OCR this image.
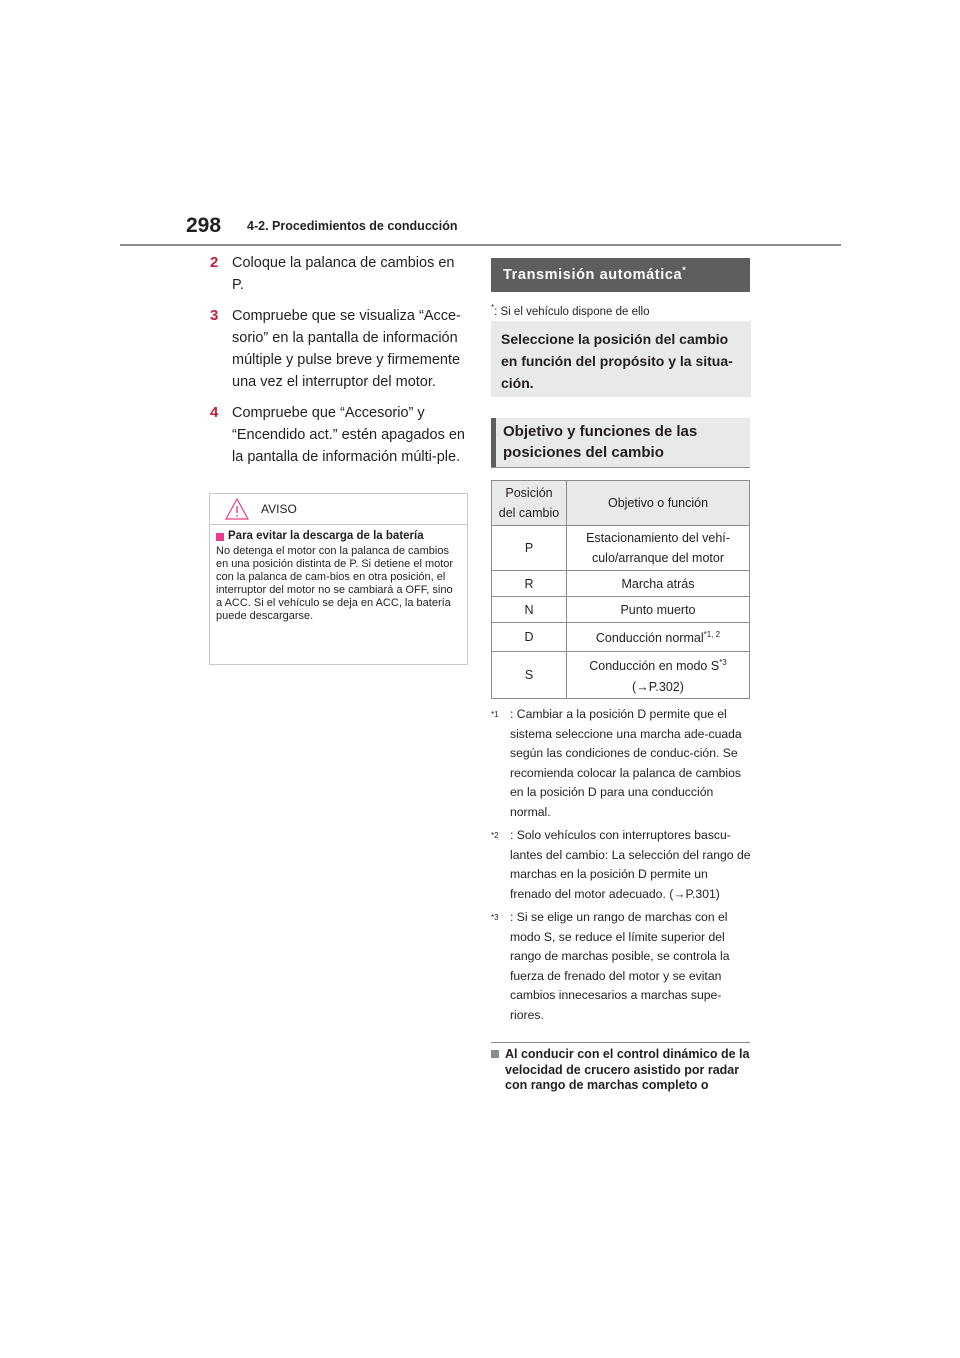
298 4-2. Procedimientos de conducción
2 Coloque la palanca de cambios en P.
3 Compruebe que se visualiza “Acce-sorio” en la pantalla de información múltiple y pulse breve y firmemente una vez el interruptor del motor.
4 Compruebe que “Accesorio” y “Encendido act.” estén apagados en la pantalla de información múlti-ple.
AVISO
Para evitar la descarga de la batería
No detenga el motor con la palanca de cambios en una posición distinta de P. Si detiene el motor con la palanca de cam-bios en otra posición, el interruptor del motor no se cambiará a OFF, sino a ACC. Si el vehículo se deja en ACC, la batería puede descargarse.
Transmisión automática*
*: Si el vehículo dispone de ello
Seleccione la posición del cambio en función del propósito y la situa-ción.
Objetivo y funciones de las posiciones del cambio
Posición del cambio	Objetivo o función
P	Estacionamiento del vehí-culo/arranque del motor
R	Marcha atrás
N	Punto muerto
D	Conducción normal$^{*1, 2}$
S	Conducción en modo $S^{*3}$
(→P.302)
$^{*1}$ : Cambiar a la posición D permite que el sistema seleccione una marcha ade-cuada según las condiciones de conduc-ción. Se recomienda colocar la palanca de cambios en la posición D para una conducción normal.
$^{*2}$ : Solo vehículos con interruptores bascu-lantes del cambio: La selección del rango de marchas en la posición D permite un frenado del motor adecuado. (→P.301)
$^{*3}$ : Si se elige un rango de marchas con el modo S, se reduce el límite superior del rango de marchas posible, se controla la fuerza de frenado del motor y se evitan cambios innecesarios a marchas supe-riores.
Al conducir con el control dinámico de la velocidad de crucero asistido por radar con rango de marchas completo o
